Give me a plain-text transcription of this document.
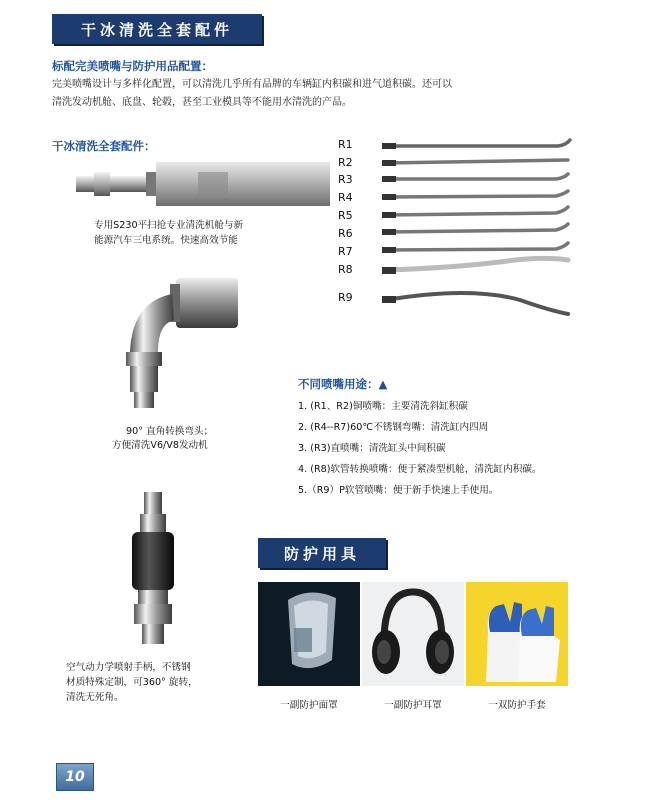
干冰清洗全套配件
标配完美喷嘴与防护用品配置：
完美喷嘴设计与多样化配置，可以清洗几乎所有品牌的车辆缸内积碳和进气道积碳。还可以
清洗发动机舱、底盘、轮毂，甚至工业模具等不能用水清洗的产品。
干冰清洗全套配件：
专用S230平扫抢专业清洗机舱与新
能源汽车三电系统。快速高效节能
90° 直角转换弯头；
方便清洗V6/V8发动机
空气动力学喷射手柄，不锈钢
材质特殊定制，可360° 旋转，
清洗无死角。
R1
R2
R3
R4
R5
R6
R7
R8
R9
不同喷嘴用途：▲
1. (R1、R2)铜喷嘴：主要清洗斜缸积碳
2. (R4--R7)60℃不锈钢弯嘴：清洗缸内四周
3. (R3)直喷嘴：清洗缸头中间积碳
4. (R8)软管转换喷嘴：便于紧凑型机舱，清洗缸内积碳。
5.（R9）P软管喷嘴：便于新手快速上手使用。
防护用具
一副防护面罩	一副防护耳罩	一双防护手套
10
